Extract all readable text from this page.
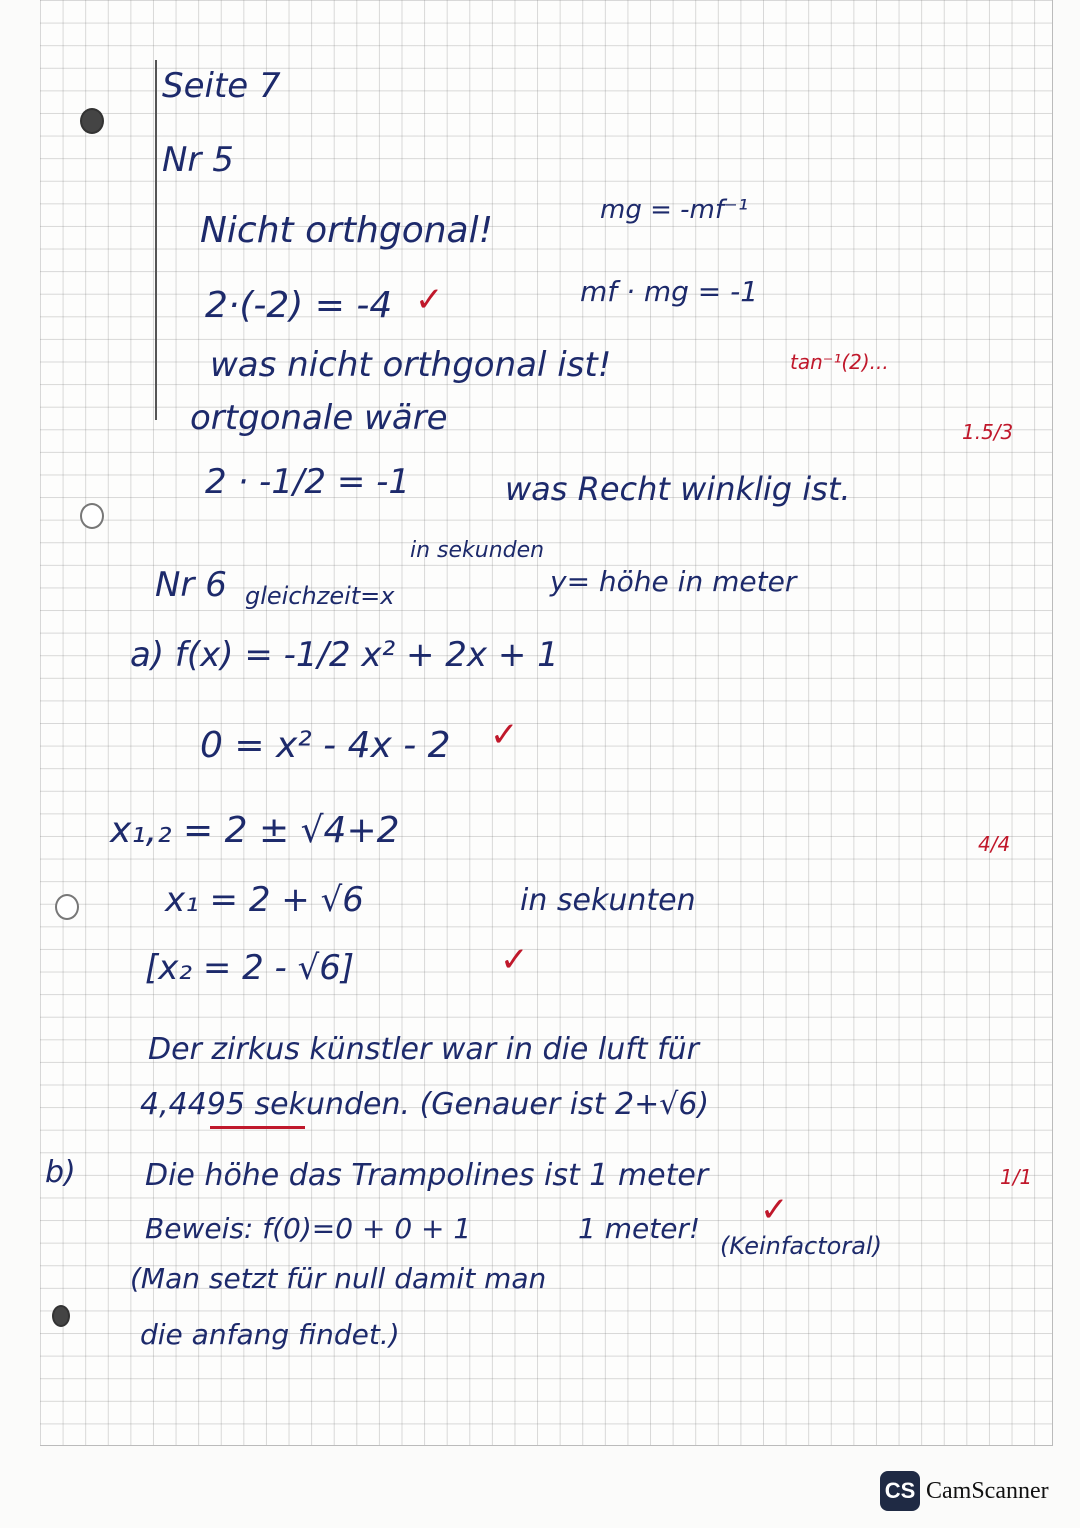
Seite 7
Nr 5
Nicht orthgonal!	mg = -mf⁻¹
2·(-2) = -4 ✓	mf · mg = -1
was nicht orthgonal ist!	tan⁻¹(2)...
ortgonale wäre	1.5/3
2 · -1/2 = -1	was Recht winklig ist.
in sekunden
Nr 6 gleichzeit=x	y= höhe in meter
a) f(x) = -1/2 x² + 2x + 1
0 = x² - 4x - 2 ✓
x₁,₂ = 2 ± √4+2	4/4
x₁ = 2 + √6	in sekunten
[x₂ = 2 - √6]	✓
Der zirkus künstler war in die luft für
4,4495 sekunden. (Genauer ist 2+√6)
b) Die höhe das Trampolines ist 1 meter	1/1
Beweis: f(0)=0 + 0 + 1	1 meter!
(Keinfactoral)
✓
(Man setzt für null damit man
die anfang findet.)
CS CamScanner
